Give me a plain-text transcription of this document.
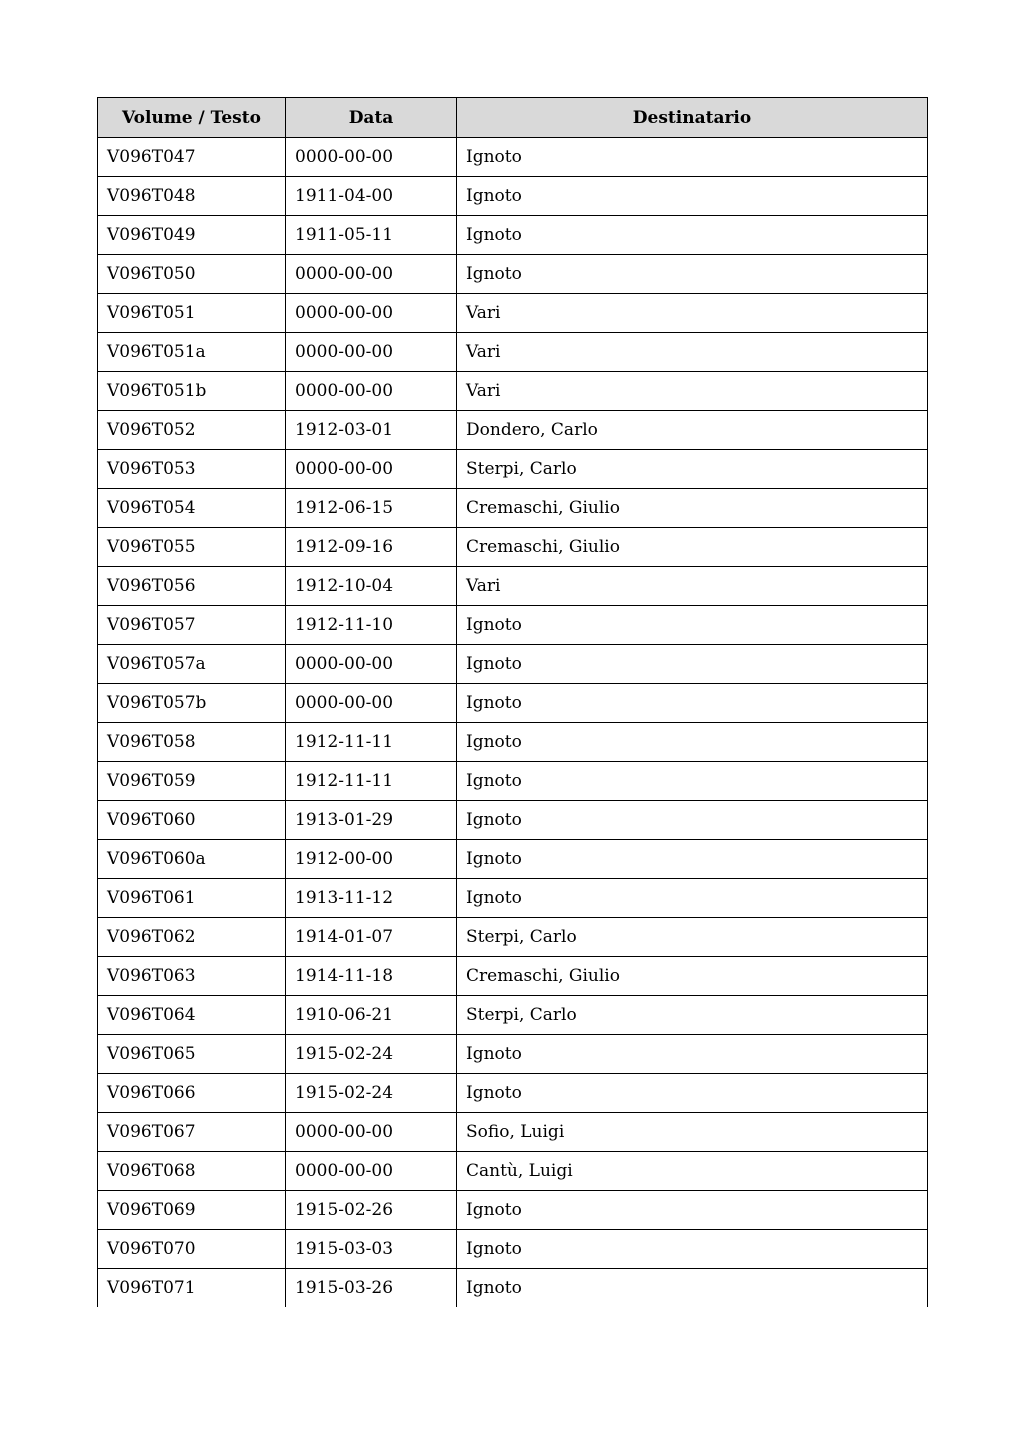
Volume / Testo	Data	Destinatario
V096T047	0000-00-00	Ignoto
V096T048	1911-04-00	Ignoto
V096T049	1911-05-11	Ignoto
V096T050	0000-00-00	Ignoto
V096T051	0000-00-00	Vari
V096T051a	0000-00-00	Vari
V096T051b	0000-00-00	Vari
V096T052	1912-03-01	Dondero, Carlo
V096T053	0000-00-00	Sterpi, Carlo
V096T054	1912-06-15	Cremaschi, Giulio
V096T055	1912-09-16	Cremaschi, Giulio
V096T056	1912-10-04	Vari
V096T057	1912-11-10	Ignoto
V096T057a	0000-00-00	Ignoto
V096T057b	0000-00-00	Ignoto
V096T058	1912-11-11	Ignoto
V096T059	1912-11-11	Ignoto
V096T060	1913-01-29	Ignoto
V096T060a	1912-00-00	Ignoto
V096T061	1913-11-12	Ignoto
V096T062	1914-01-07	Sterpi, Carlo
V096T063	1914-11-18	Cremaschi, Giulio
V096T064	1910-06-21	Sterpi, Carlo
V096T065	1915-02-24	Ignoto
V096T066	1915-02-24	Ignoto
V096T067	0000-00-00	Sofio, Luigi
V096T068	0000-00-00	Cantù, Luigi
V096T069	1915-02-26	Ignoto
V096T070	1915-03-03	Ignoto
V096T071	1915-03-26	Ignoto
